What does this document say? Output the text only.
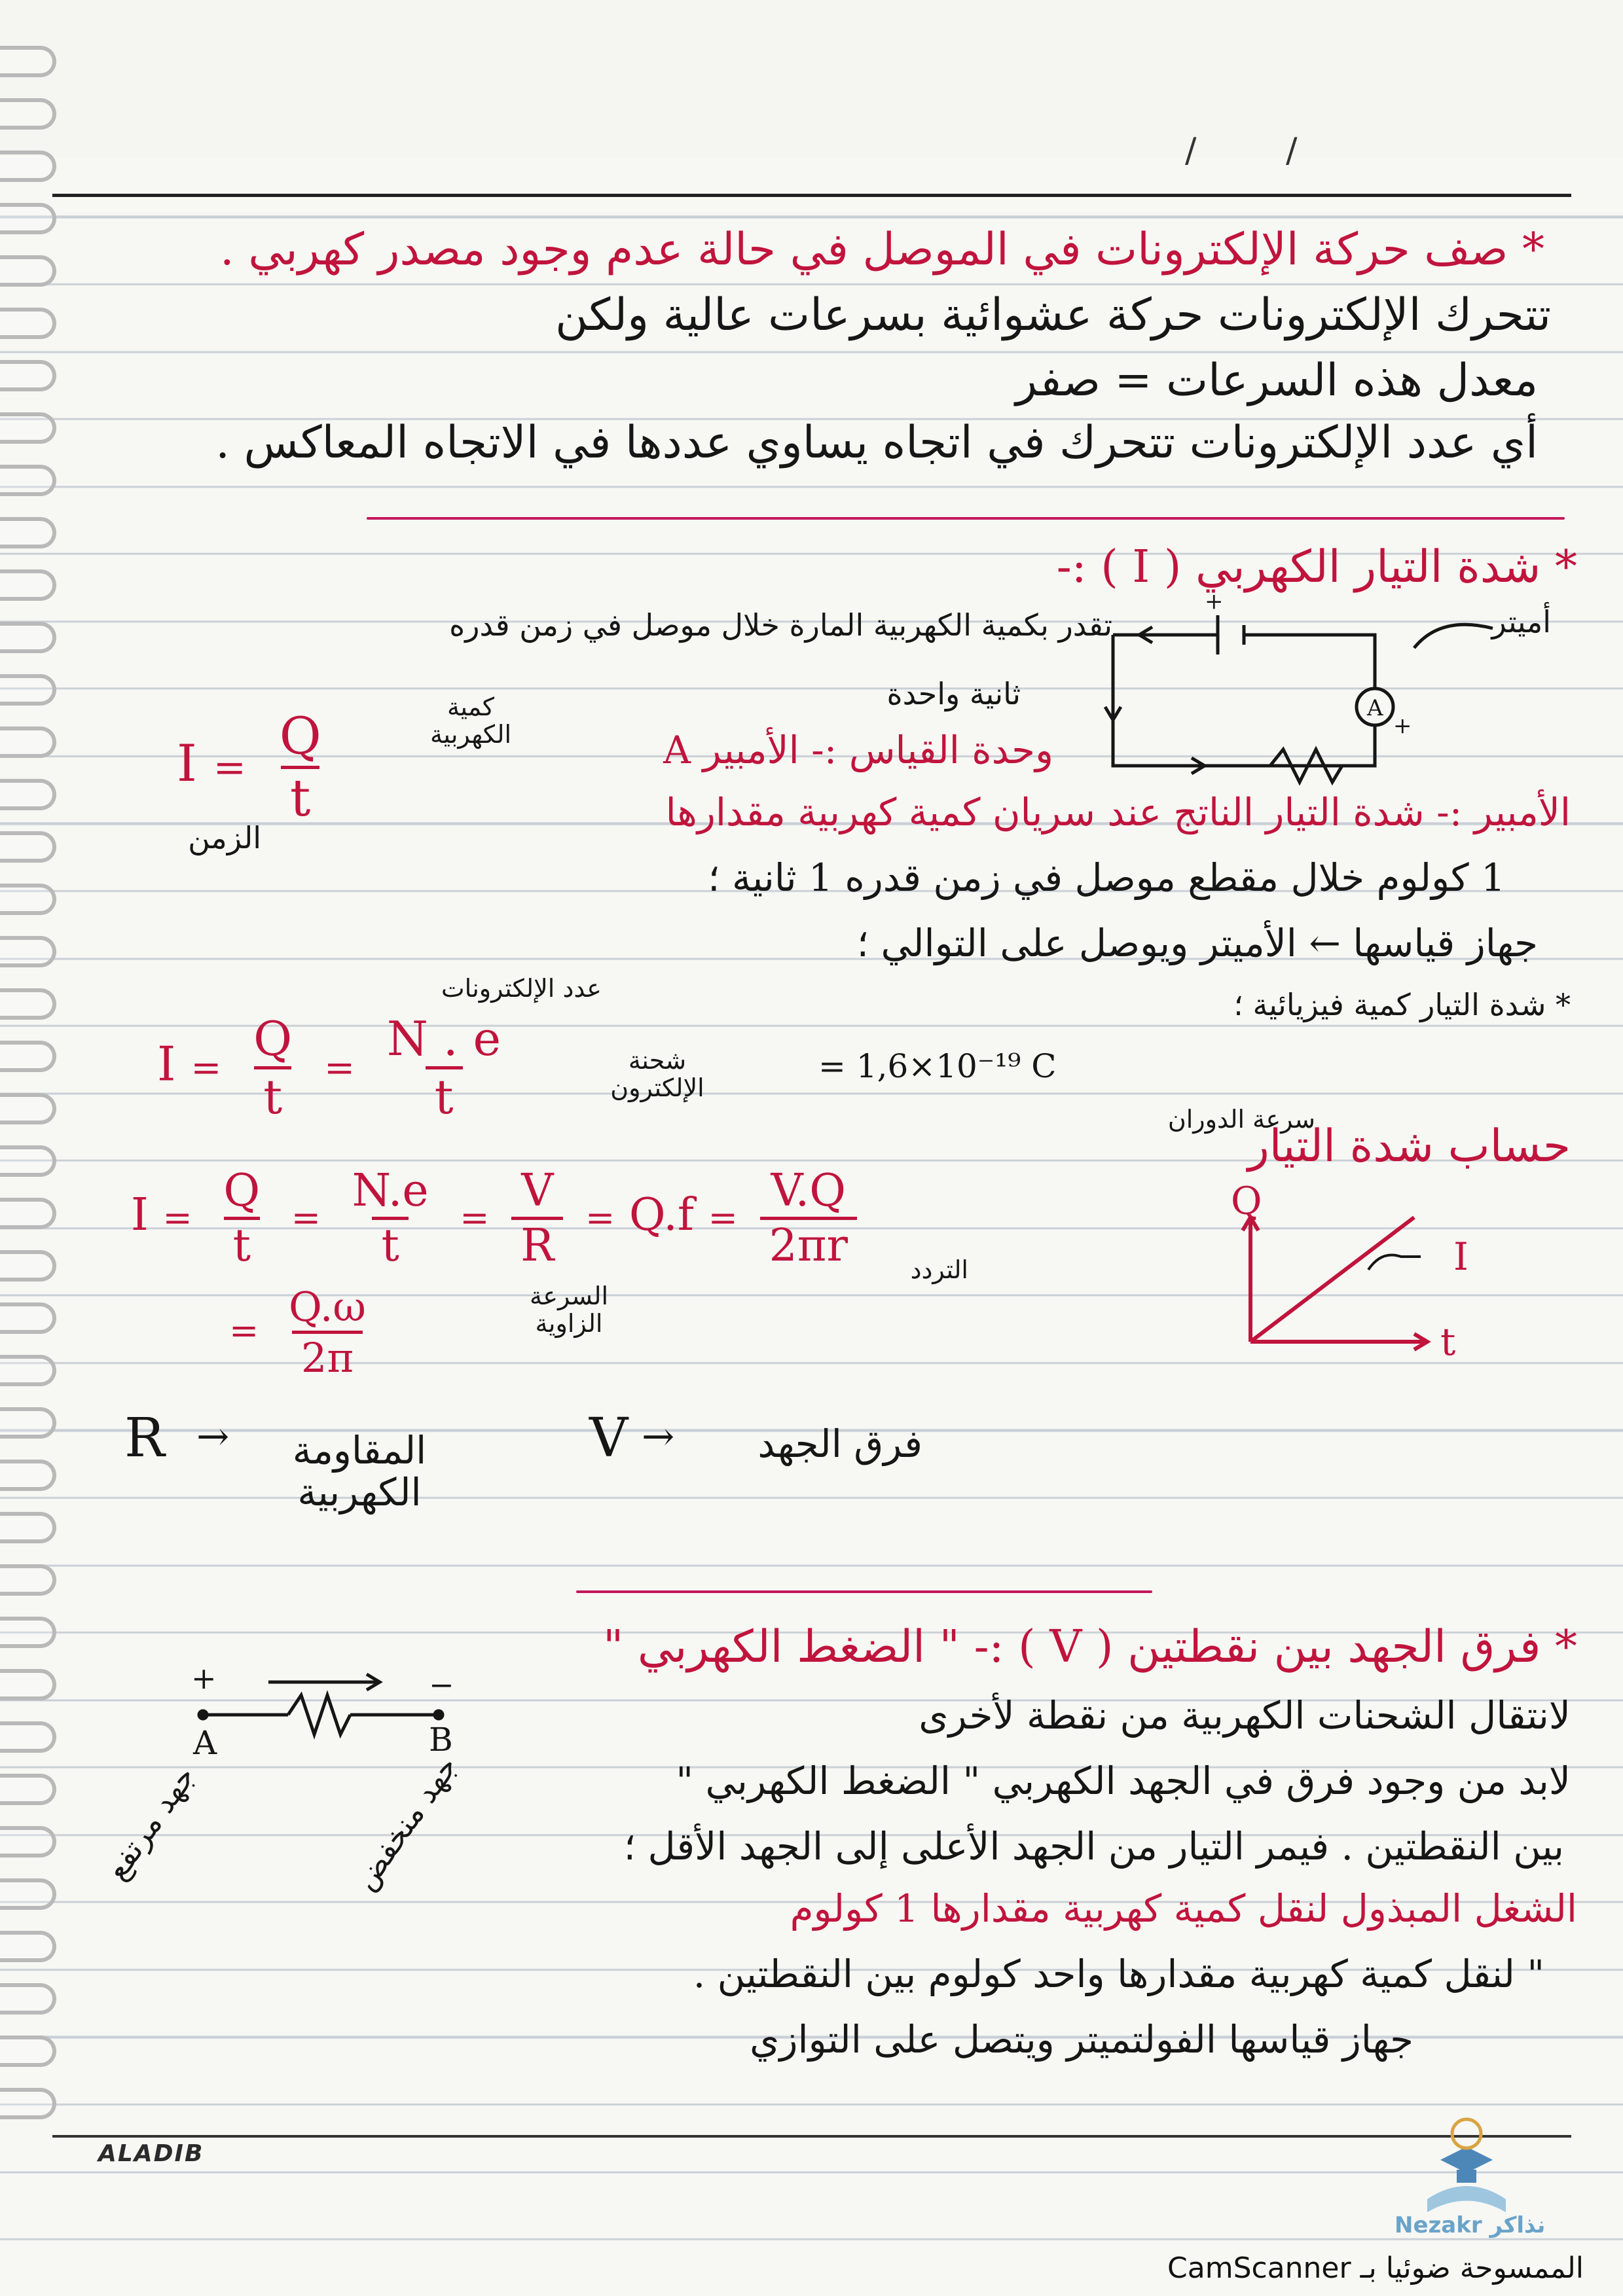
/ /
* صف حركة الإلكترونات في الموصل في حالة عدم وجود مصدر كهربي .
تتحرك الإلكترونات حركة عشوائية بسرعات عالية ولكن
معدل هذه السرعات = صفر
أي عدد الإلكترونات تتحرك في اتجاه يساوي عددها في الاتجاه المعاكس .
* شدة التيار الكهربي ( I ) :-
تقدر بكمية الكهربية المارة خلال موصل في زمن قدره
ثانية واحدة
وحدة القياس :- الأمبير A
$I = \frac{Q}{t}$	كمية الكهربية
الزمن
A
+
+
أميتر
الأمبير :- شدة التيار الناتج عند سريان كمية كهربية مقدارها
1 كولوم خلال مقطع موصل في زمن قدره 1 ثانية ؛
جهاز قياسها ← الأميتر ويوصل على التوالي ؛
* شدة التيار كمية فيزيائية ؛
$I = \frac{Q}{t} = \frac{N . e}{t}$
عدد الإلكترونات
شحنة الإلكترون
= 1,6×10⁻¹⁹ C
حساب شدة التيار
سرعة الدوران
$I = \frac{Q}{t} = \frac{N.e}{t} = \frac{V}{R} = Q.f = \frac{V.Q}{2\pi r}$ التردد
= $\frac{Q.\omega}{2\pi}$	السرعة الزاوية
Q
t
I
R →	المقاومة الكهربية
V → فرق الجهد
* فرق الجهد بين نقطتين ( V ) :- " الضغط الكهربي "
+	−
A	B
جهد مرتفع	جهد منخفض
لانتقال الشحنات الكهربية من نقطة لأخرى
لابد من وجود فرق في الجهد الكهربي " الضغط الكهربي "
بين النقطتين . فيمر التيار من الجهد الأعلى إلى الجهد الأقل ؛
الشغل المبذول لنقل كمية كهربية مقدارها 1 كولوم
" لنقل كمية كهربية مقدارها واحد كولوم بين النقطتين .
جهاز قياسها الفولتميتر ويتصل على التوازي
ALADIB
Nezakr نذاكر
الممسوحة ضوئيا بـ CamScanner
